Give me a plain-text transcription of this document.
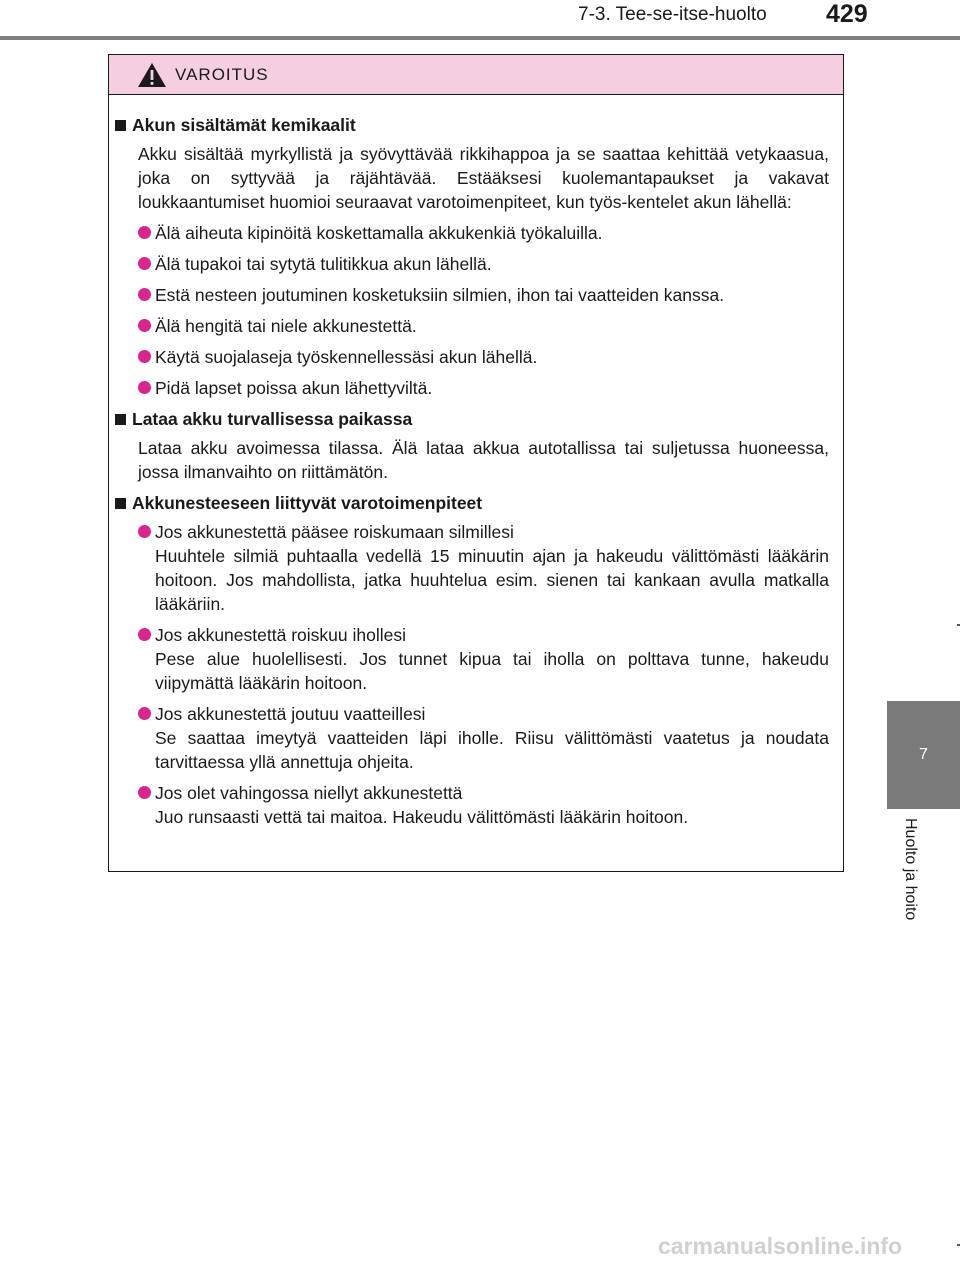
7-3. Tee-se-itse-huolto 429
7
Huolto ja hoito
VAROITUS
Akun sisältämät kemikaalit
Akku sisältää myrkyllistä ja syövyttävää rikkihappoa ja se saattaa kehittää vetykaasua, joka on syttyvää ja räjähtävää. Estääksesi kuolemantapaukset ja vakavat loukkaantumiset huomioi seuraavat varotoimenpiteet, kun työs-kentelet akun lähellä:
Älä aiheuta kipinöitä koskettamalla akkukenkiä työkaluilla.
Älä tupakoi tai sytytä tulitikkua akun lähellä.
Estä nesteen joutuminen kosketuksiin silmien, ihon tai vaatteiden kanssa.
Älä hengitä tai niele akkunestettä.
Käytä suojalaseja työskennellessäsi akun lähellä.
Pidä lapset poissa akun lähettyviltä.
Lataa akku turvallisessa paikassa
Lataa akku avoimessa tilassa. Älä lataa akkua autotallissa tai suljetussa huoneessa, jossa ilmanvaihto on riittämätön.
Akkunesteeseen liittyvät varotoimenpiteet
Jos akkunestettä pääsee roiskumaan silmillesi
Huuhtele silmiä puhtaalla vedellä 15 minuutin ajan ja hakeudu välittömästi lääkärin hoitoon. Jos mahdollista, jatka huuhtelua esim. sienen tai kankaan avulla matkalla lääkäriin.
Jos akkunestettä roiskuu ihollesi
Pese alue huolellisesti. Jos tunnet kipua tai iholla on polttava tunne, hakeudu viipymättä lääkärin hoitoon.
Jos akkunestettä joutuu vaatteillesi
Se saattaa imeytyä vaatteiden läpi iholle. Riisu välittömästi vaatetus ja noudata tarvittaessa yllä annettuja ohjeita.
Jos olet vahingossa niellyt akkunestettä
Juo runsaasti vettä tai maitoa. Hakeudu välittömästi lääkärin hoitoon.
carmanualsonline.info
